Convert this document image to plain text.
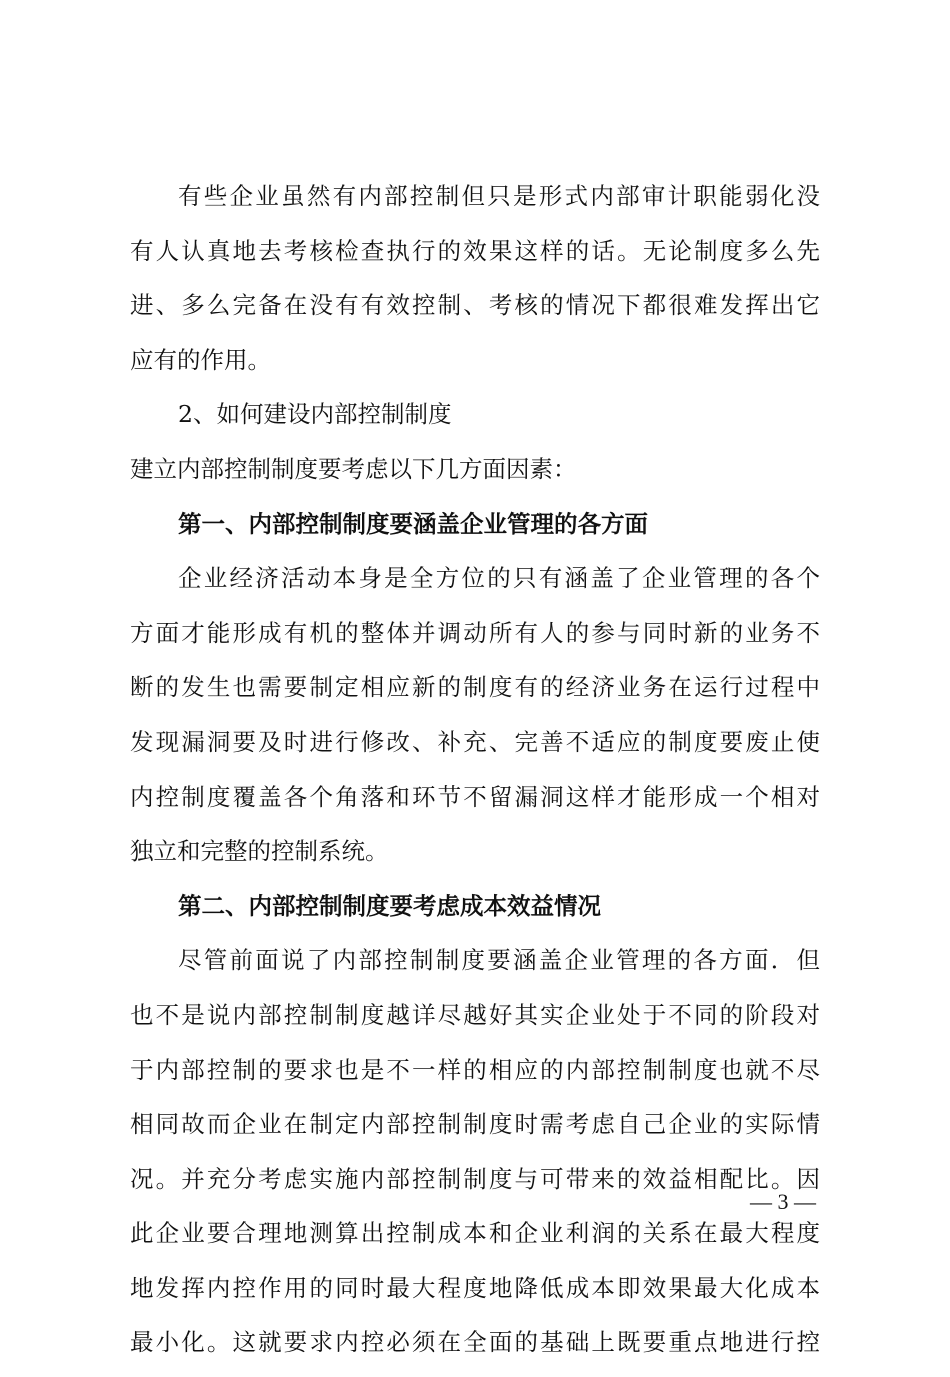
有些企业虽然有内部控制但只是形式内部审计职能弱化没
有人认真地去考核检查执行的效果这样的话。无论制度多么先
进、多么完备在没有有效控制、考核的情况下都很难发挥出它
应有的作用。
2、如何建设内部控制制度
建立内部控制制度要考虑以下几方面因素：
第一、内部控制制度要涵盖企业管理的各方面
企业经济活动本身是全方位的只有涵盖了企业管理的各个
方面才能形成有机的整体并调动所有人的参与同时新的业务不
断的发生也需要制定相应新的制度有的经济业务在运行过程中
发现漏洞要及时进行修改、补充、完善不适应的制度要废止使
内控制度覆盖各个角落和环节不留漏洞这样才能形成一个相对
独立和完整的控制系统。
第二、内部控制制度要考虑成本效益情况
尽管前面说了内部控制制度要涵盖企业管理的各方面．但
也不是说内部控制制度越详尽越好其实企业处于不同的阶段对
于内部控制的要求也是不一样的相应的内部控制制度也就不尽
相同故而企业在制定内部控制制度时需考虑自己企业的实际情
况。并充分考虑实施内部控制制度与可带来的效益相配比。因
此企业要合理地测算出控制成本和企业利润的关系在最大程度
地发挥内控作用的同时最大程度地降低成本即效果最大化成本
最小化。这就要求内控必须在全面的基础上既要重点地进行控
— 3 —
